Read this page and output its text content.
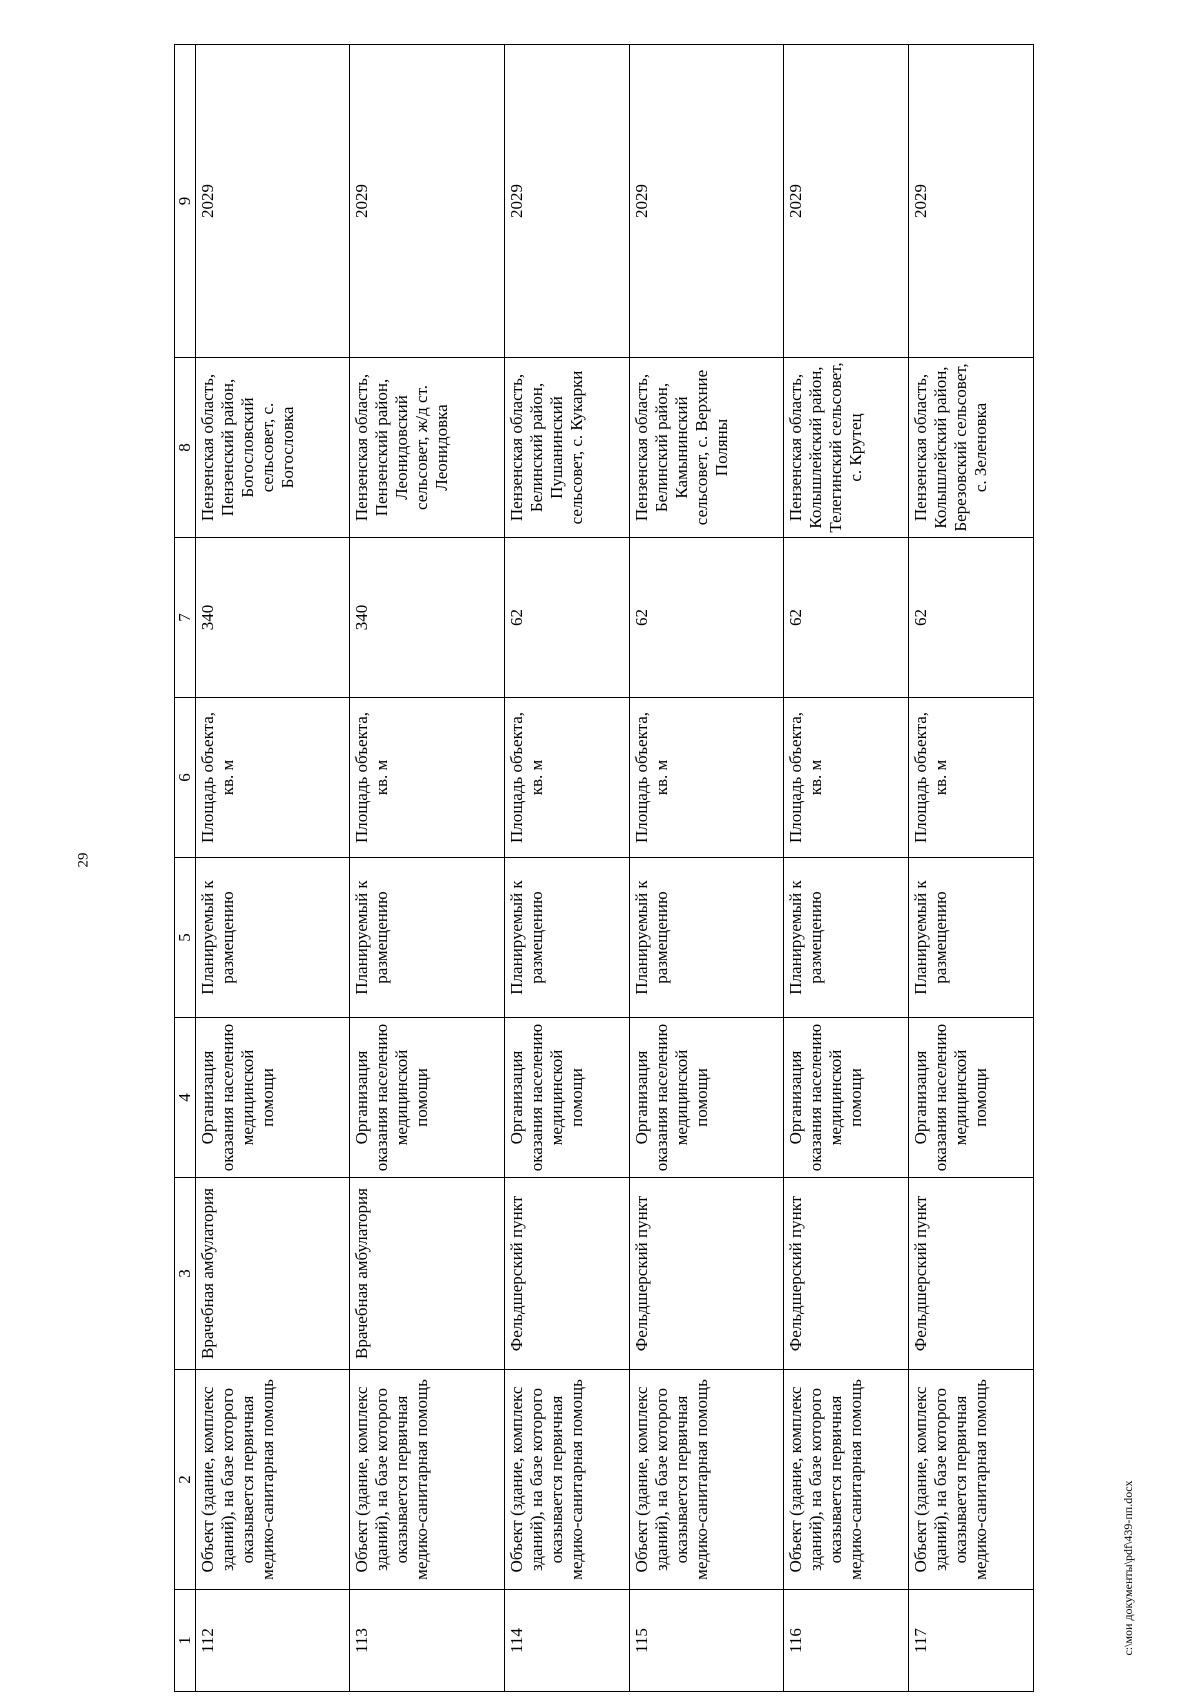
29
1	2	3	4	5	6	7	8	9
112	Объект (здание, комплекс зданий), на базе которого оказывается первичная медико-санитарная помощь	Врачебная амбулатория	Организация оказания населению медицинской помощи	Планируемый к размещению	Площадь объекта, кв. м	340	Пензенская область, Пензенский район, Богословский сельсовет, с. Богословка	2029
113	Объект (здание, комплекс зданий), на базе которого оказывается первичная медико-санитарная помощь	Врачебная амбулатория	Организация оказания населению медицинской помощи	Планируемый к размещению	Площадь объекта, кв. м	340	Пензенская область, Пензенский район, Леонидовский сельсовет, ж/д ст. Леонидовка	2029
114	Объект (здание, комплекс зданий), на базе которого оказывается первичная медико-санитарная помощь	Фельдшерский пункт	Организация оказания населению медицинской помощи	Планируемый к размещению	Площадь объекта, кв. м	62	Пензенская область, Белинский район, Пушанинский сельсовет, с. Кукарки	2029
115	Объект (здание, комплекс зданий), на базе которого оказывается первичная медико-санитарная помощь	Фельдшерский пункт	Организация оказания населению медицинской помощи	Планируемый к размещению	Площадь объекта, кв. м	62	Пензенская область, Белинский район, Камынинский сельсовет, с. Верхние Поляны	2029
116	Объект (здание, комплекс зданий), на базе которого оказывается первичная медико-санитарная помощь	Фельдшерский пункт	Организация оказания населению медицинской помощи	Планируемый к размещению	Площадь объекта, кв. м	62	Пензенская область, Колышлейский район, Телегинский сельсовет, с. Крутец	2029
117	Объект (здание, комплекс зданий), на базе которого оказывается первичная медико-санитарная помощь	Фельдшерский пункт	Организация оказания населению медицинской помощи	Планируемый к размещению	Площадь объекта, кв. м	62	Пензенская область, Колышлейский район, Березовский сельсовет, с. Зеленовка	2029
c:\мои документы\pdf\439-пп.docx
